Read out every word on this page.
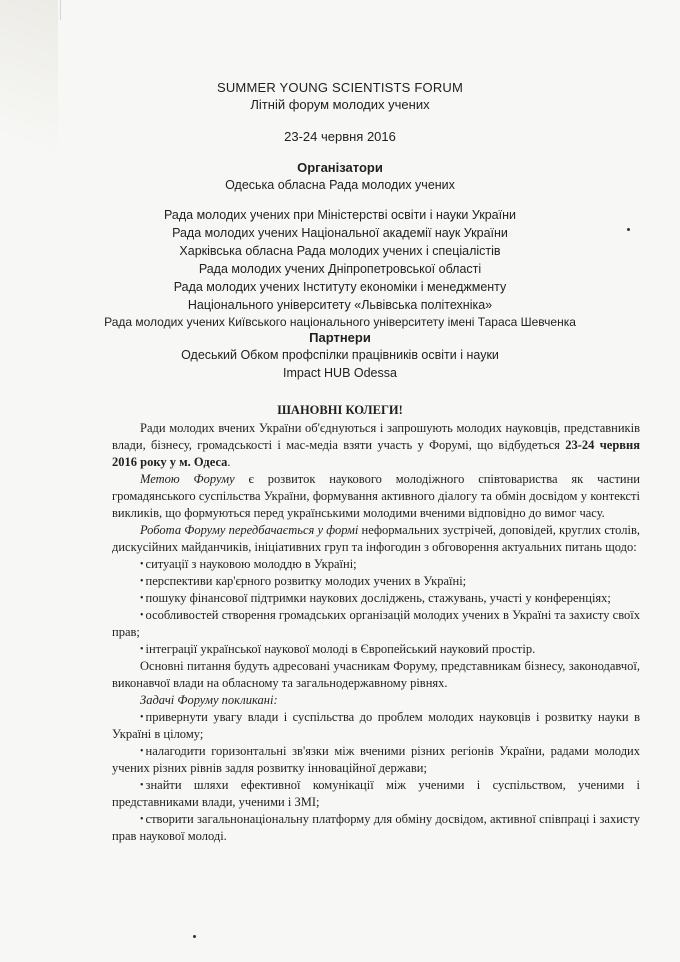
SUMMER YOUNG SCIENTISTS FORUM
Літній форум молодих учених
23-24 червня 2016
Організатори
Одеська обласна Рада молодих учених
Рада молодих учених при Міністерстві освіти і науки України
Рада молодих учених Національної академії наук України
Харківська обласна Рада молодих учених і спеціалістів
Рада молодих учених Дніпропетровської області
Рада молодих учених Інституту економіки і менеджменту
Національного університету «Львівська політехніка»
Рада молодих учених Київського національного університету імені Тараса Шевченка
Партнери
Одеський Обком профспілки працівників освіти і науки
Impact HUB Odessa
ШАНОВНІ КОЛЕГИ!

Ради молодих вчених України об'єднуються і запрошують молодих науковців, представників влади, бізнесу, громадськості і мас-медіа взяти участь у Форумі, що відбудеться 23-24 червня 2016 року у м. Одеса.

Метою Форуму є розвиток наукового молодіжного співтовариства як частини громадянського суспільства України, формування активного діалогу та обмін досвідом у контексті викликів, що формуються перед українськими молодими вченими відповідно до вимог часу.

Робота Форуму передбачається у формі неформальних зустрічей, доповідей, круглих столів, дискусійних майданчиків, ініціативних груп та інфогодин з обговорення актуальних питань щодо:

• ситуації з науковою молоддю в Україні;

• перспективи кар'єрного розвитку молодих учених в Україні;

• пошуку фінансової підтримки наукових досліджень, стажувань, участі у конференціях;

• особливостей створення громадських організацій молодих учених в Україні та захисту своїх прав;

• інтеграції української наукової молоді в Європейський науковий простір.

Основні питання будуть адресовані учасникам Форуму, представникам бізнесу, законодавчої, виконавчої влади на обласному та загальнодержавному рівнях.

Задачі Форуму покликані:

• привернути увагу влади і суспільства до проблем молодих науковців і розвитку науки в Україні в цілому;

• налагодити горизонтальні зв'язки між вченими різних регіонів України, радами молодих учених різних рівнів задля розвитку інноваційної держави;

• знайти шляхи ефективної комунікації між ученими і суспільством, ученими і представниками влади, ученими і ЗМІ;

• створити загальнонаціональну платформу для обміну досвідом, активної співпраці і захисту прав наукової молоді.
